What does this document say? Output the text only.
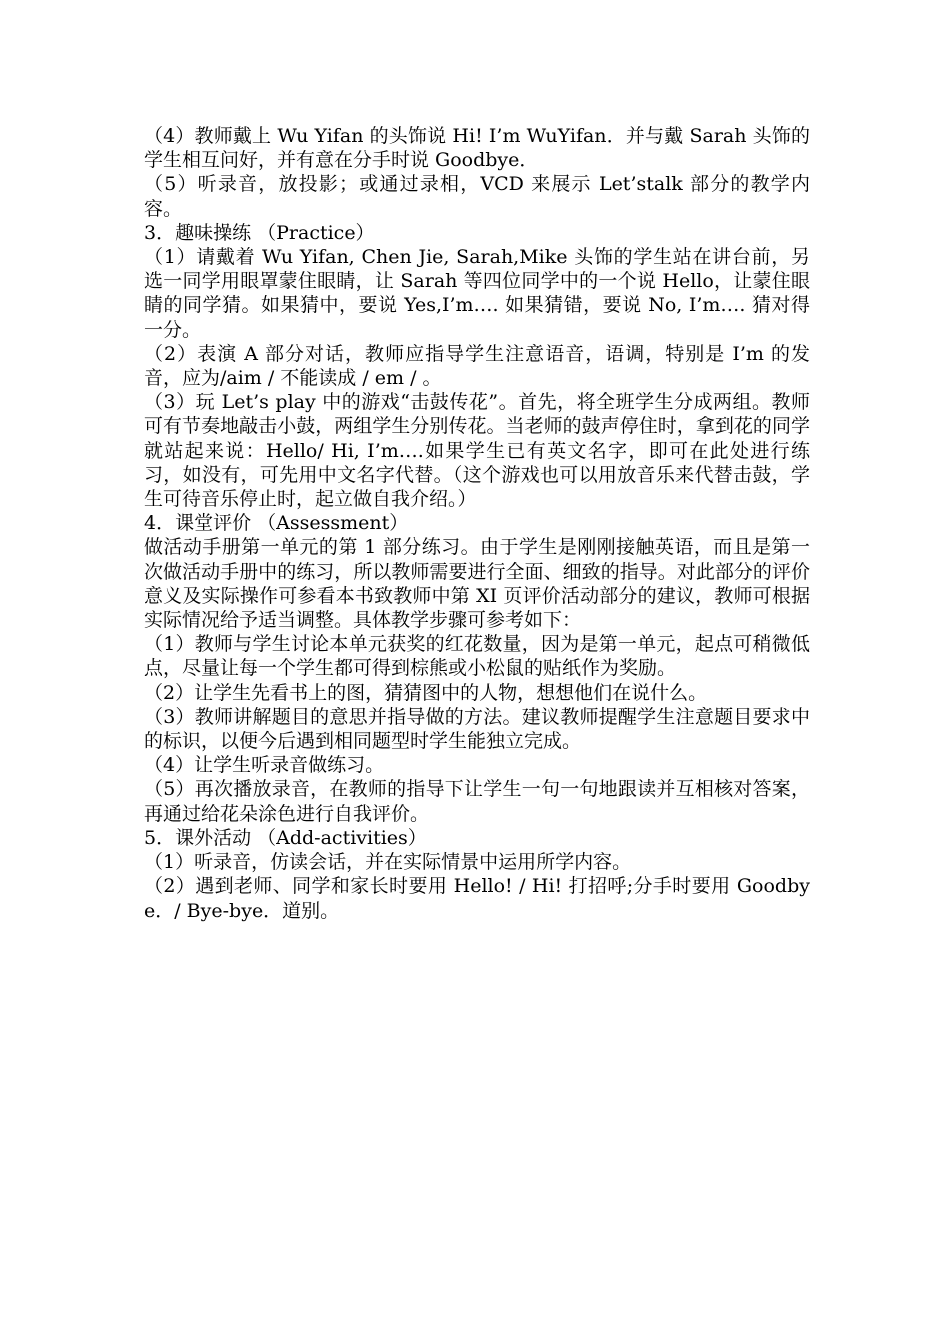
（4）教师戴上 Wu Yifan 的头饰说 Hi! I’m WuYifan．并与戴 Sarah 头饰的学生相互问好，并有意在分手时说 Goodbye．

（5）听录音，放投影；或通过录相，VCD 来展示 Let’stalk 部分的教学内容。

3．趣味操练 （Practice）

（1）请戴着 Wu Yifan, Chen Jie, Sarah,Mike 头饰的学生站在讲台前，另选一同学用眼罩蒙住眼睛，让 Sarah 等四位同学中的一个说 Hello，让蒙住眼睛的同学猜。如果猜中，要说 Yes,I’m…. 如果猜错，要说 No, I’m…. 猜对得一分。

（2）表演 A 部分对话，教师应指导学生注意语音，语调，特别是 I’m 的发音，应为/aim / 不能读成 / em / 。

（3）玩 Let’s play 中的游戏“击鼓传花”。首先，将全班学生分成两组。教师可有节奏地敲击小鼓，两组学生分别传花。当老师的鼓声停住时，拿到花的同学就站起来说：Hello/ Hi, I’m….如果学生已有英文名字，即可在此处进行练习，如没有，可先用中文名字代替。（这个游戏也可以用放音乐来代替击鼓，学生可待音乐停止时，起立做自我介绍。）

4．课堂评价 （Assessment）

做活动手册第一单元的第 1 部分练习。由于学生是刚刚接触英语，而且是第一次做活动手册中的练习，所以教师需要进行全面、细致的指导。对此部分的评价意义及实际操作可参看本书致教师中第 XI 页评价活动部分的建议，教师可根据实际情况给予适当调整。具体教学步骤可参考如下：

（1）教师与学生讨论本单元获奖的红花数量，因为是第一单元，起点可稍微低点，尽量让每一个学生都可得到棕熊或小松鼠的贴纸作为奖励。

（2）让学生先看书上的图，猜猜图中的人物，想想他们在说什么。

（3）教师讲解题目的意思并指导做的方法。建议教师提醒学生注意题目要求中的标识，以便今后遇到相同题型时学生能独立完成。

（4）让学生听录音做练习。

（5）再次播放录音，在教师的指导下让学生一句一句地跟读并互相核对答案，再通过给花朵涂色进行自我评价。

5．课外活动 （Add-activities）

（1）听录音，仿读会话，并在实际情景中运用所学内容。

（2）遇到老师、同学和家长时要用 Hello! / Hi! 打招呼;分手时要用 Goodbye．/ Bye-bye．道别。
